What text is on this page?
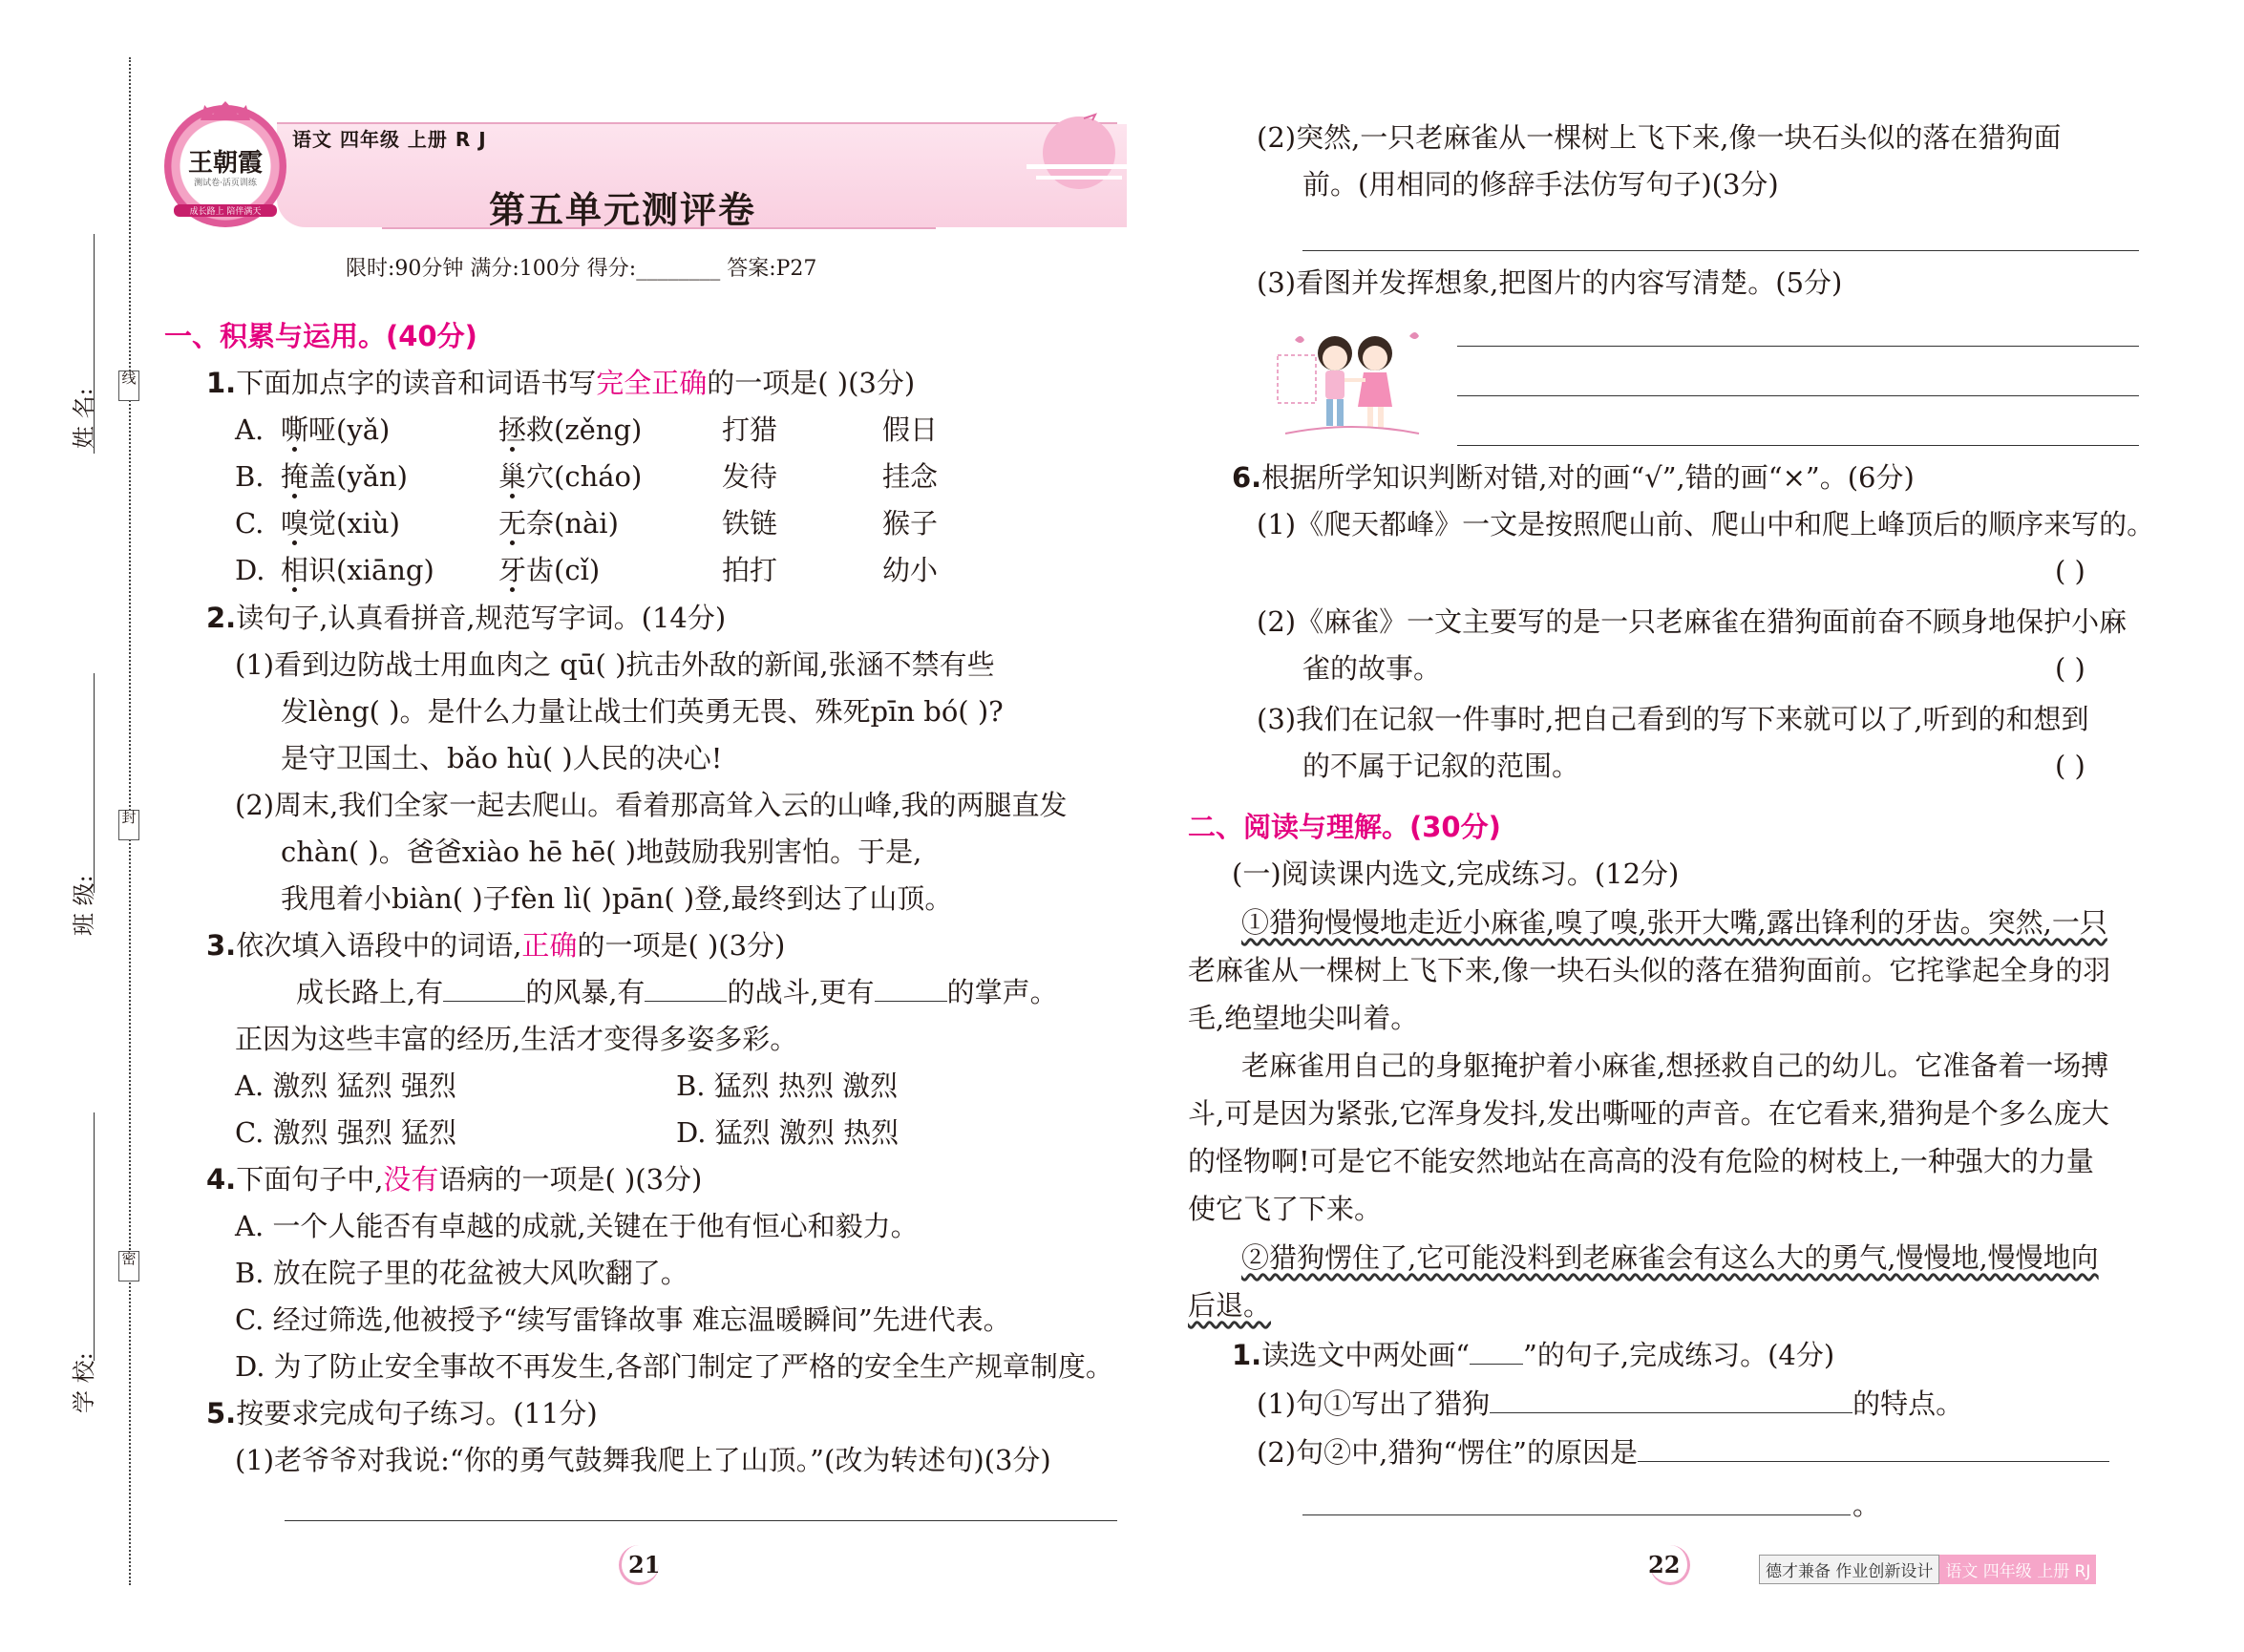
线
封
密
姓 名:
班 级:
学 校:
王朝霞
测试卷·活页训练
成长路上 陪伴满天
语文 四年级 上册 R J
第五单元测评卷
限时:90分钟 满分:100分 得分:________ 答案:P27
一、积累与运用。(40分)
1.下面加点字的读音和词语书写完全正确的一项是( )(3分)
A. 嘶哑(yǎ)	拯救(zěng)	打猎	假日
B. 掩盖(yǎn)	巢穴(cháo)	发待	挂念
C. 嗅觉(xiù)	无奈(nài)	铁链	猴子
D. 相识(xiāng) 牙齿(cǐ)	拍打	幼小
2.读句子,认真看拼音,规范写字词。(14分)
(1)看到边防战士用血肉之 qū( )抗击外敌的新闻,张涵不禁有些
发lèng( )。是什么力量让战士们英勇无畏、殊死pīn bó( )?
是守卫国土、bǎo hù( )人民的决心!
(2)周末,我们全家一起去爬山。看着那高耸入云的山峰,我的两腿直发
chàn( )。爸爸xiào hē hē( )地鼓励我别害怕。于是,
我甩着小biàn( )子fèn lì( )pān( )登,最终到达了山顶。
3.依次填入语段中的词语,正确的一项是( )(3分)
成长路上,有	的风暴,有	的战斗,更有	的掌声。
正因为这些丰富的经历,生活才变得多姿多彩。
A. 激烈 猛烈 强烈	B. 猛烈 热烈 激烈
C. 激烈 强烈 猛烈	D. 猛烈 激烈 热烈
4.下面句子中,没有语病的一项是( )(3分)
A. 一个人能否有卓越的成就,关键在于他有恒心和毅力。
B. 放在院子里的花盆被大风吹翻了。
C. 经过筛选,他被授予“续写雷锋故事 难忘温暖瞬间”先进代表。
D. 为了防止安全事故不再发生,各部门制定了严格的安全生产规章制度。
5.按要求完成句子练习。(11分)
(1)老爷爷对我说:“你的勇气鼓舞我爬上了山顶。”(改为转述句)(3分)
21
(2)突然,一只老麻雀从一棵树上飞下来,像一块石头似的落在猎狗面
前。(用相同的修辞手法仿写句子)(3分)
(3)看图并发挥想象,把图片的内容写清楚。(5分)
6.根据所学知识判断对错,对的画“√”,错的画“×”。(6分)
(1)《爬天都峰》一文是按照爬山前、爬山中和爬上峰顶后的顺序来写的。
( )
(2)《麻雀》一文主要写的是一只老麻雀在猎狗面前奋不顾身地保护小麻
雀的故事。	( )
(3)我们在记叙一件事时,把自己看到的写下来就可以了,听到的和想到
的不属于记叙的范围。	( )
二、阅读与理解。(30分)
(一)阅读课内选文,完成练习。(12分)
①猎狗慢慢地走近小麻雀,嗅了嗅,张开大嘴,露出锋利的牙齿。突然,一只
老麻雀从一棵树上飞下来,像一块石头似的落在猎狗面前。它挓挲起全身的羽
毛,绝望地尖叫着。
老麻雀用自己的身躯掩护着小麻雀,想拯救自己的幼儿。它准备着一场搏
斗,可是因为紧张,它浑身发抖,发出嘶哑的声音。在它看来,猎狗是个多么庞大
的怪物啊!可是它不能安然地站在高高的没有危险的树枝上,一种强大的力量
使它飞了下来。
②猎狗愣住了,它可能没料到老麻雀会有这么大的勇气,慢慢地,慢慢地向
后退。
1.读选文中两处画“ ”的句子,完成练习。(4分)
(1)句①写出了猎狗	的特点。
(2)句②中,猎狗“愣住”的原因是
。
22	德才兼备 作业创新设计 语文 四年级 上册 RJ
